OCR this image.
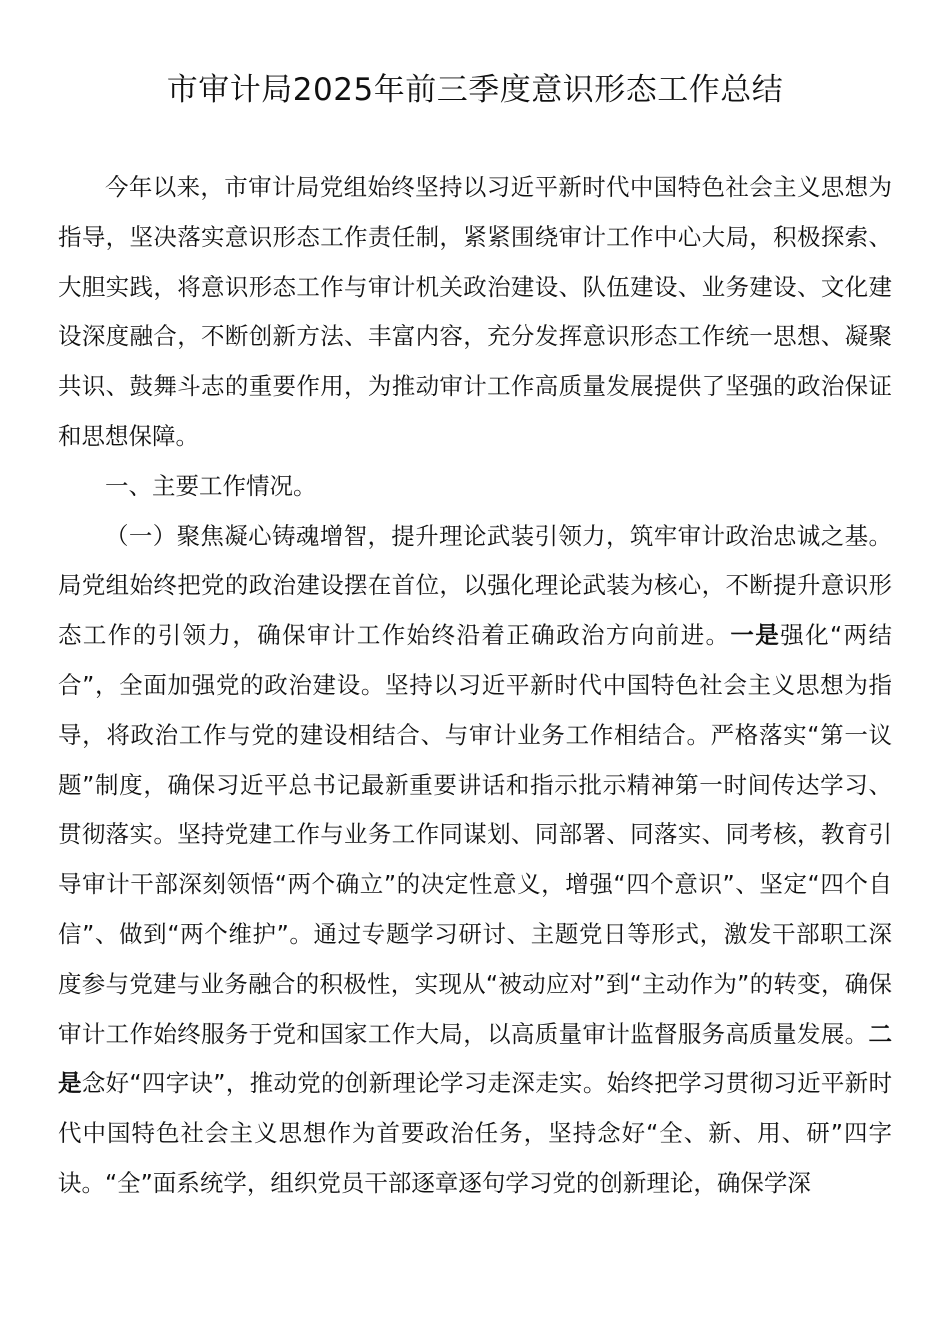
市审计局2025年前三季度意识形态工作总结

今年以来，市审计局党组始终坚持以习近平新时代中国特色社会主义思想为指导，坚决落实意识形态工作责任制，紧紧围绕审计工作中心大局，积极探索、大胆实践，将意识形态工作与审计机关政治建设、队伍建设、业务建设、文化建设深度融合，不断创新方法、丰富内容，充分发挥意识形态工作统一思想、凝聚共识、鼓舞斗志的重要作用，为推动审计工作高质量发展提供了坚强的政治保证和思想保障。

一、主要工作情况。

（一）聚焦凝心铸魂增智，提升理论武装引领力，筑牢审计政治忠诚之基。局党组始终把党的政治建设摆在首位，以强化理论武装为核心，不断提升意识形态工作的引领力，确保审计工作始终沿着正确政治方向前进。一是强化“两结合”，全面加强党的政治建设。坚持以习近平新时代中国特色社会主义思想为指导，将政治工作与党的建设相结合、与审计业务工作相结合。严格落实“第一议题”制度，确保习近平总书记最新重要讲话和指示批示精神第一时间传达学习、贯彻落实。坚持党建工作与业务工作同谋划、同部署、同落实、同考核，教育引导审计干部深刻领悟“两个确立”的决定性意义，增强“四个意识”、坚定“四个自信”、做到“两个维护”。通过专题学习研讨、主题党日等形式，激发干部职工深度参与党建与业务融合的积极性，实现从“被动应对”到“主动作为”的转变，确保审计工作始终服务于党和国家工作大局，以高质量审计监督服务高质量发展。二是念好“四字诀”，推动党的创新理论学习走深走实。始终把学习贯彻习近平新时代中国特色社会主义思想作为首要政治任务，坚持念好“全、新、用、研”四字诀。“全”面系统学，组织党员干部逐章逐句学习党的创新理论，确保学深
